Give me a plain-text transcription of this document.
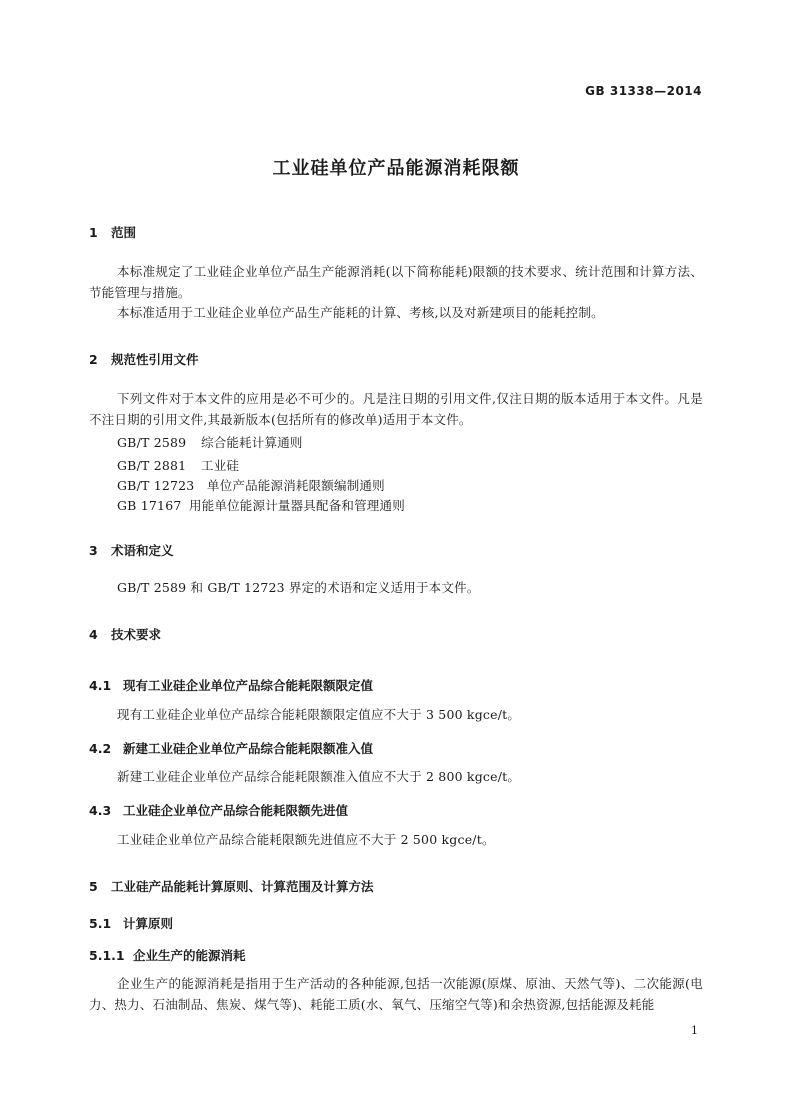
GB 31338—2014
工业硅单位产品能源消耗限额
1 范围

本标准规定了工业硅企业单位产品生产能源消耗(以下简称能耗)限额的技术要求、统计范围和计算方法、节能管理与措施。

本标准适用于工业硅企业单位产品生产能耗的计算、考核,以及对新建项目的能耗控制。

2 规范性引用文件

下列文件对于本文件的应用是必不可少的。凡是注日期的引用文件,仅注日期的版本适用于本文件。凡是不注日期的引用文件,其最新版本(包括所有的修改单)适用于本文件。

GB/T 2589 综合能耗计算通则
GB/T 2881 工业硅
GB/T 12723 单位产品能源消耗限额编制通则
GB 17167 用能单位能源计量器具配备和管理通则
3 术语和定义

GB/T 2589 和 GB/T 12723 界定的术语和定义适用于本文件。

4 技术要求
4.1 现有工业硅企业单位产品综合能耗限额限定值

现有工业硅企业单位产品综合能耗限额限定值应不大于 3 500 kgce/t。

4.2 新建工业硅企业单位产品综合能耗限额准入值

新建工业硅企业单位产品综合能耗限额准入值应不大于 2 800 kgce/t。

4.3 工业硅企业单位产品综合能耗限额先进值

工业硅企业单位产品综合能耗限额先进值应不大于 2 500 kgce/t。

5 工业硅产品能耗计算原则、计算范围及计算方法
5.1 计算原则
5.1.1 企业生产的能源消耗

企业生产的能源消耗是指用于生产活动的各种能源,包括一次能源(原煤、原油、天然气等)、二次能源(电力、热力、石油制品、焦炭、煤气等)、耗能工质(水、氧气、压缩空气等)和余热资源,包括能源及耗能

1
